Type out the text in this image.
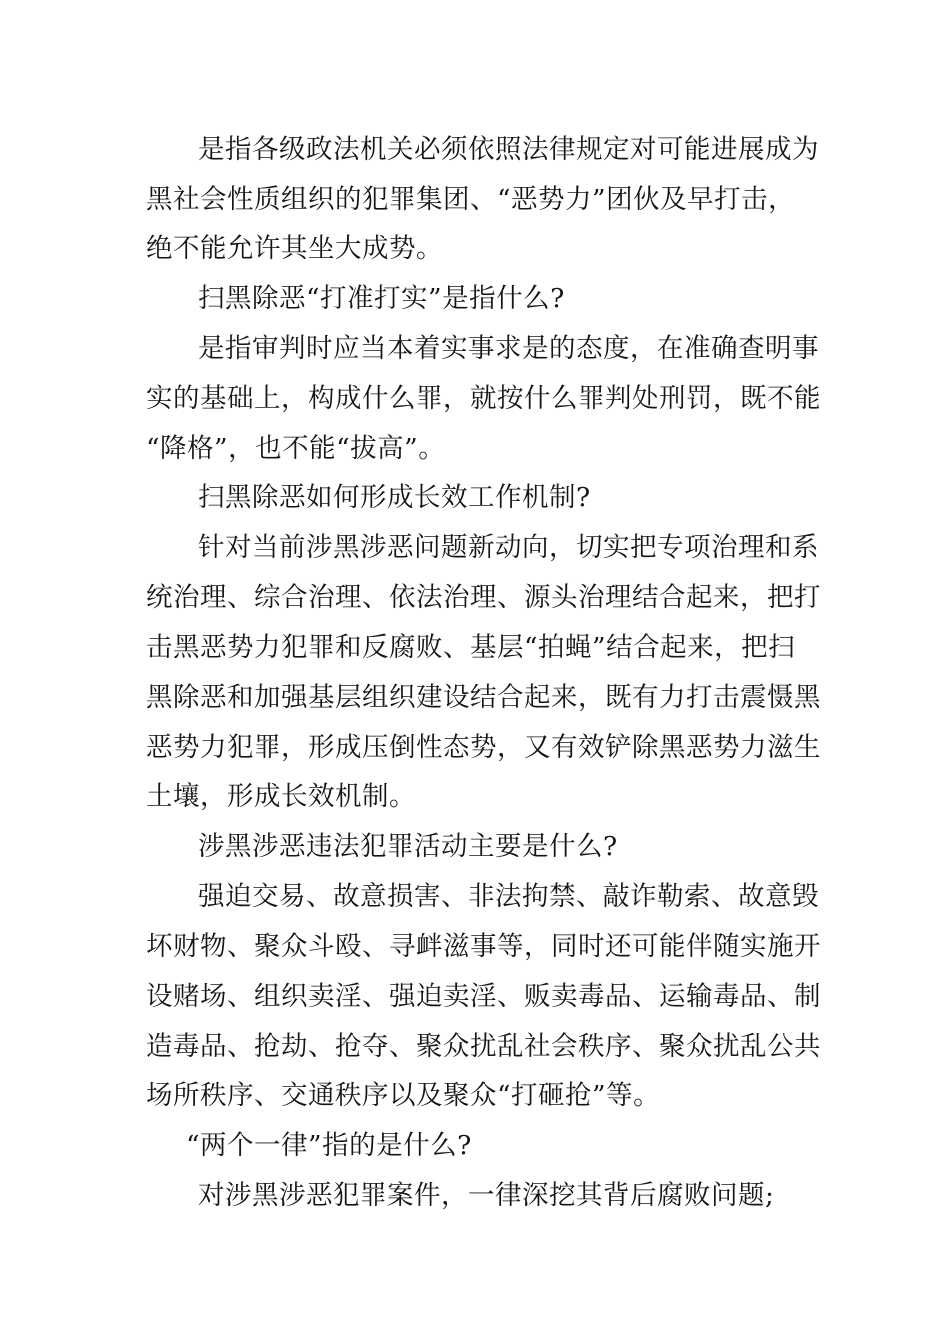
是指各级政法机关必须依照法律规定对可能进展成为
黑社会性质组织的犯罪集团、“恶势力”团伙及早打击，
绝不能允许其坐大成势。
扫黑除恶“打准打实”是指什么?
是指审判时应当本着实事求是的态度，在准确查明事
实的基础上，构成什么罪，就按什么罪判处刑罚，既不能
“降格”，也不能“拔高”。
扫黑除恶如何形成长效工作机制?
针对当前涉黑涉恶问题新动向，切实把专项治理和系
统治理、综合治理、依法治理、源头治理结合起来，把打
击黑恶势力犯罪和反腐败、基层“拍蝇”结合起来，把扫
黑除恶和加强基层组织建设结合起来，既有力打击震慑黑
恶势力犯罪，形成压倒性态势，又有效铲除黑恶势力滋生
土壤，形成长效机制。
涉黑涉恶违法犯罪活动主要是什么?
强迫交易、故意损害、非法拘禁、敲诈勒索、故意毁
坏财物、聚众斗殴、寻衅滋事等，同时还可能伴随实施开
设赌场、组织卖淫、强迫卖淫、贩卖毒品、运输毒品、制
造毒品、抢劫、抢夺、聚众扰乱社会秩序、聚众扰乱公共
场所秩序、交通秩序以及聚众“打砸抢”等。
“两个一律”指的是什么?
对涉黑涉恶犯罪案件，一律深挖其背后腐败问题;
